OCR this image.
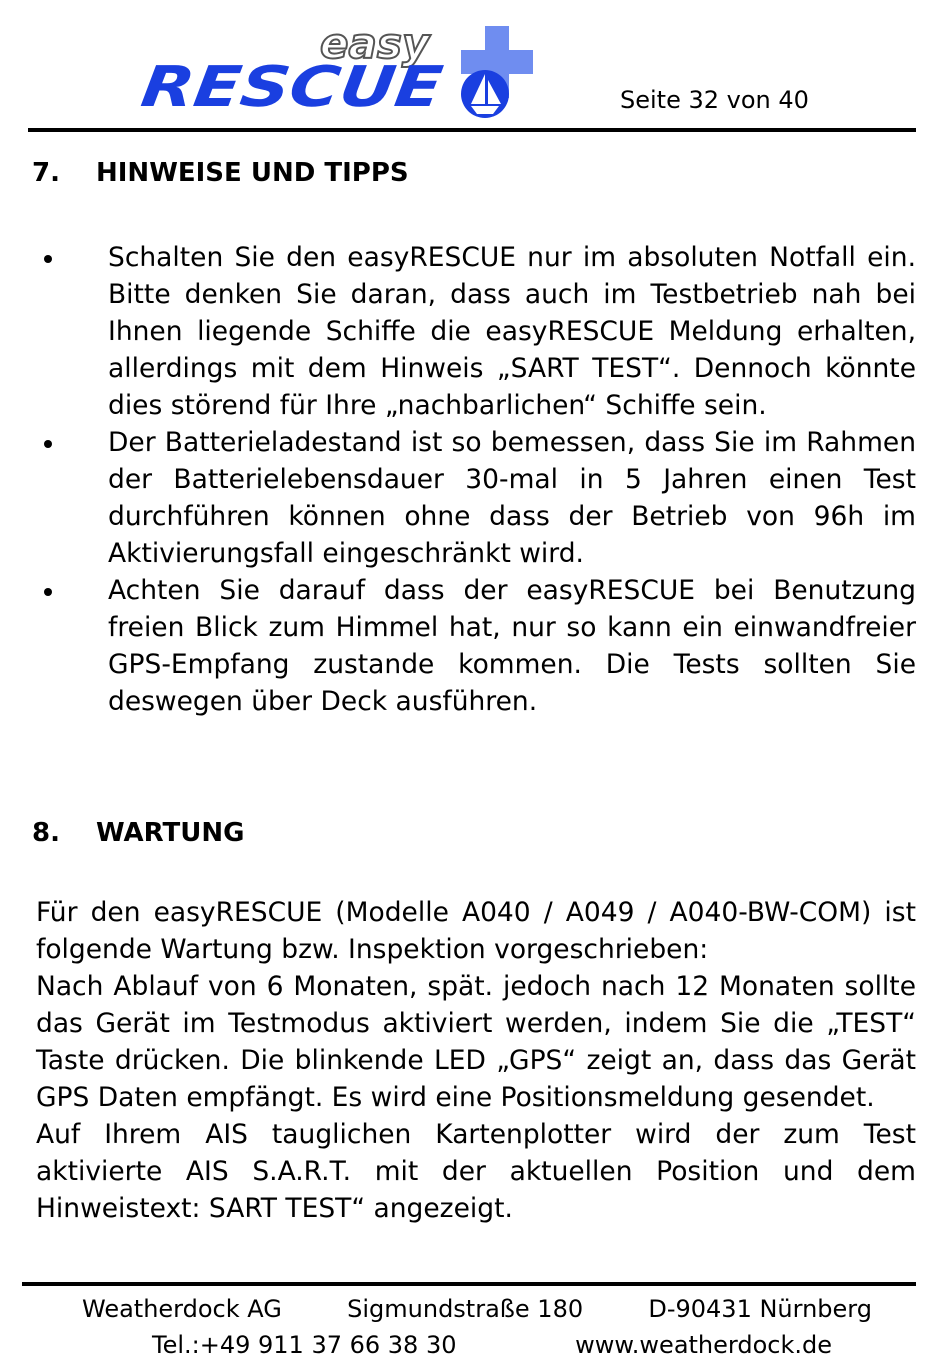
easy
RESCUE	Seite 32 von 40
7. HINWEISE UND TIPPS
Schalten Sie den easyRESCUE nur im absoluten Notfall ein. Bitte denken Sie daran, dass auch im Testbetrieb nah bei Ihnen liegende Schiffe die easyRESCUE Meldung erhalten, allerdings mit dem Hinweis „SART TEST“. Dennoch könnte dies störend für Ihre „nachbarlichen“ Schiffe sein.
Der Batterieladestand ist so bemessen, dass Sie im Rahmen der Batterielebensdauer 30-mal in 5 Jahren einen Test durchführen können ohne dass der Betrieb von 96h im Aktivierungsfall eingeschränkt wird.
Achten Sie darauf dass der easyRESCUE bei Benutzung freien Blick zum Himmel hat, nur so kann ein einwandfreier GPS-Empfang zustande kommen. Die Tests sollten Sie deswegen über Deck ausführen.
8. WARTUNG

Für den easyRESCUE (Modelle A040 / A049 / A040-BW-COM) ist folgende Wartung bzw. Inspektion vorgeschrieben:

Nach Ablauf von 6 Monaten, spät. jedoch nach 12 Monaten sollte das Gerät im Testmodus aktiviert werden, indem Sie die „TEST“ Taste drücken. Die blinkende LED „GPS“ zeigt an, dass das Gerät GPS Daten empfängt. Es wird eine Positionsmeldung gesendet.

Auf Ihrem AIS tauglichen Kartenplotter wird der zum Test aktivierte AIS S.A.R.T. mit der aktuellen Position und dem Hinweistext: SART TEST“ angezeigt.

Weatherdock AG	Sigmundstraße 180	D-90431 Nürnberg
Tel.:+49 911 37 66 38 30	www.weatherdock.de
